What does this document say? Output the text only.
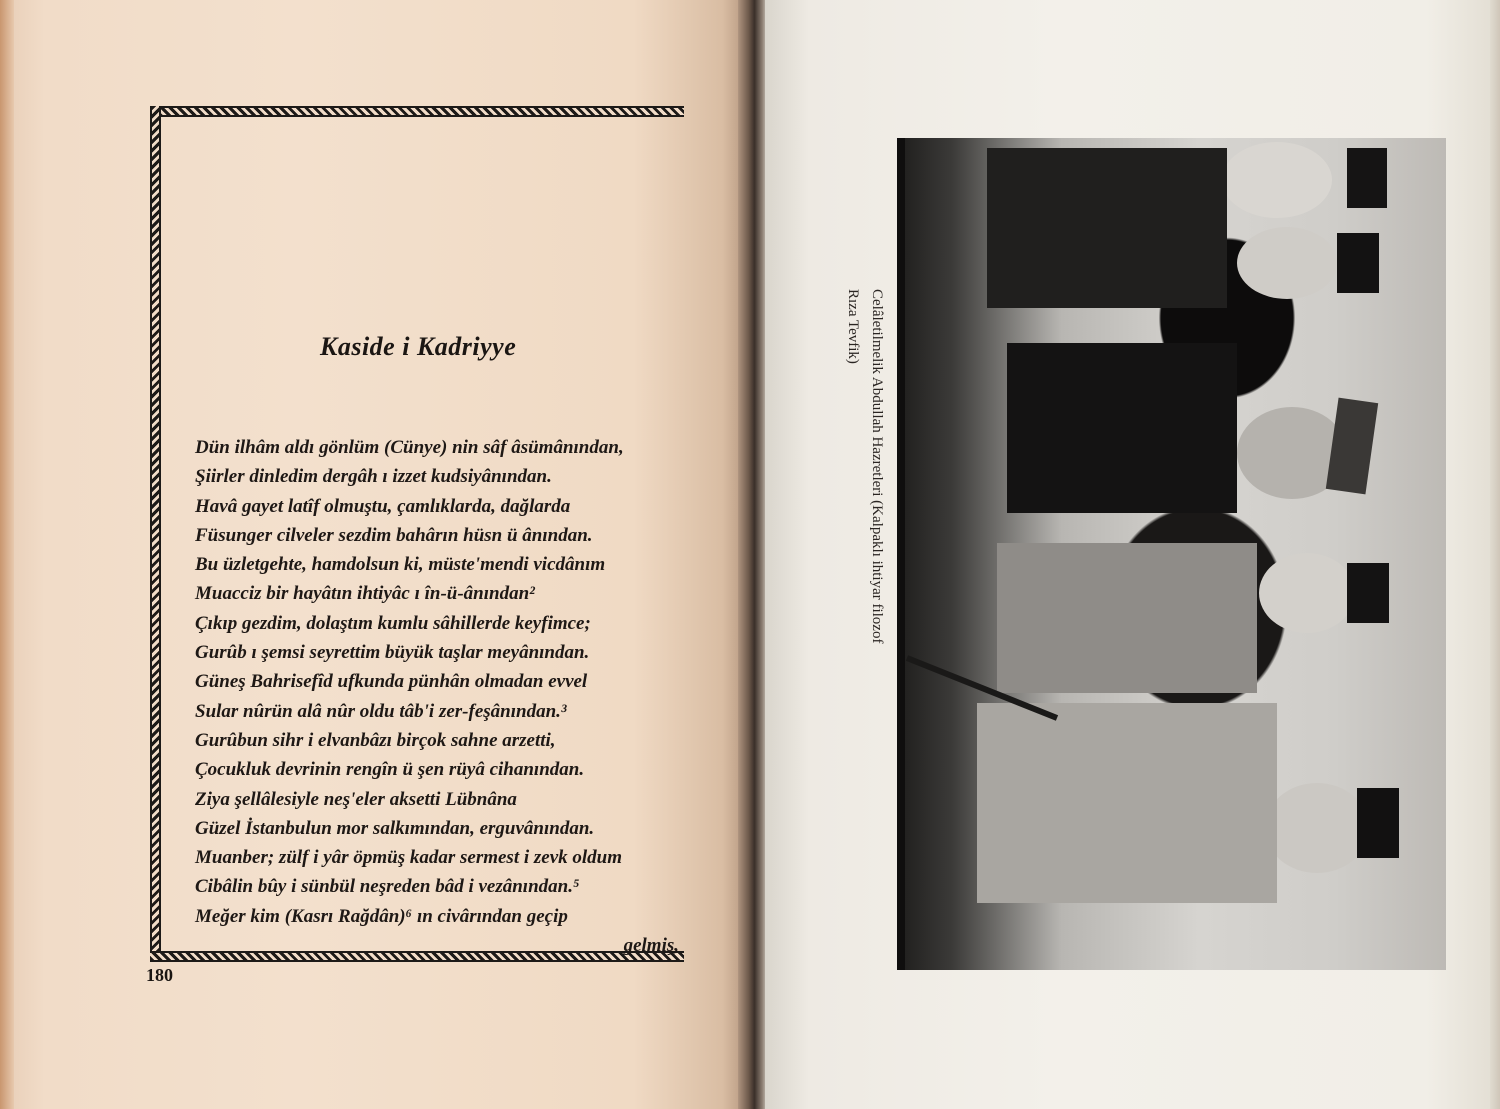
Kaside i Kadriyye
Dün ilhâm aldı gönlüm (Cünye) nin sâf âsümânından,
Şiirler dinledim dergâh ı izzet kudsiyânından.
Havâ gayet latîf olmuştu, çamlıklarda, dağlarda
Füsunger cilveler sezdim bahârın hüsn ü ânından.
Bu üzletgehte, hamdolsun ki, müste'mendi vicdânım
Muacciz bir hayâtın ihtiyâc ı în-ü-ânından²
Çıkıp gezdim, dolaştım kumlu sâhillerde keyfimce;
Gurûb ı şemsi seyrettim büyük taşlar meyânından.
Güneş Bahrisefîd ufkunda pünhân olmadan evvel
Sular nûrün alâ nûr oldu tâb'i zer-feşânından.³
Gurûbun sihr i elvanbâzı birçok sahne arzetti,
Çocukluk devrinin rengîn ü şen rüyâ cihanından.
Ziya şellâlesiyle neş'eler aksetti Lübnâna
Güzel İstanbulun mor salkımından, erguvânından.
Muanber; zülf i yâr öpmüş kadar sermest i zevk oldum
Cibâlin bûy i sünbül neşreden bâd i vezânından.⁵
Meğer kim (Kasrı Rağdân)⁶ ın civârından geçip
gelmiş,
180
Celâletilmelik Abdullah Hazretleri (Kalpaklı ihtiyar filozof
Rıza Tevfik)
